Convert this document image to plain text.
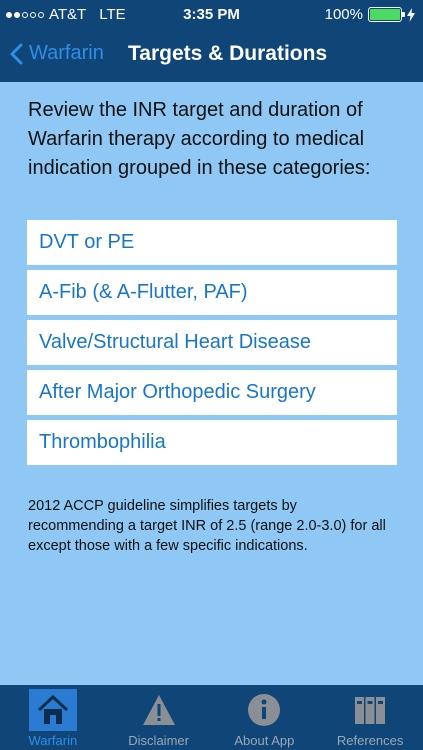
AT&T LTE	3:35 PM	100%
Warfarin Targets & Durations

Review the INR target and duration of Warfarin therapy according to medical indication grouped in these categories:

DVT or PE
A-Fib (& A-Flutter, PAF)
Valve/Structural Heart Disease
After Major Orthopedic Surgery
Thrombophilia

2012 ACCP guideline simplifies targets by recommending a target INR of 2.5 (range 2.0-3.0) for all except those with a few specific indications.

Warfarin	Disclaimer	About App	References
